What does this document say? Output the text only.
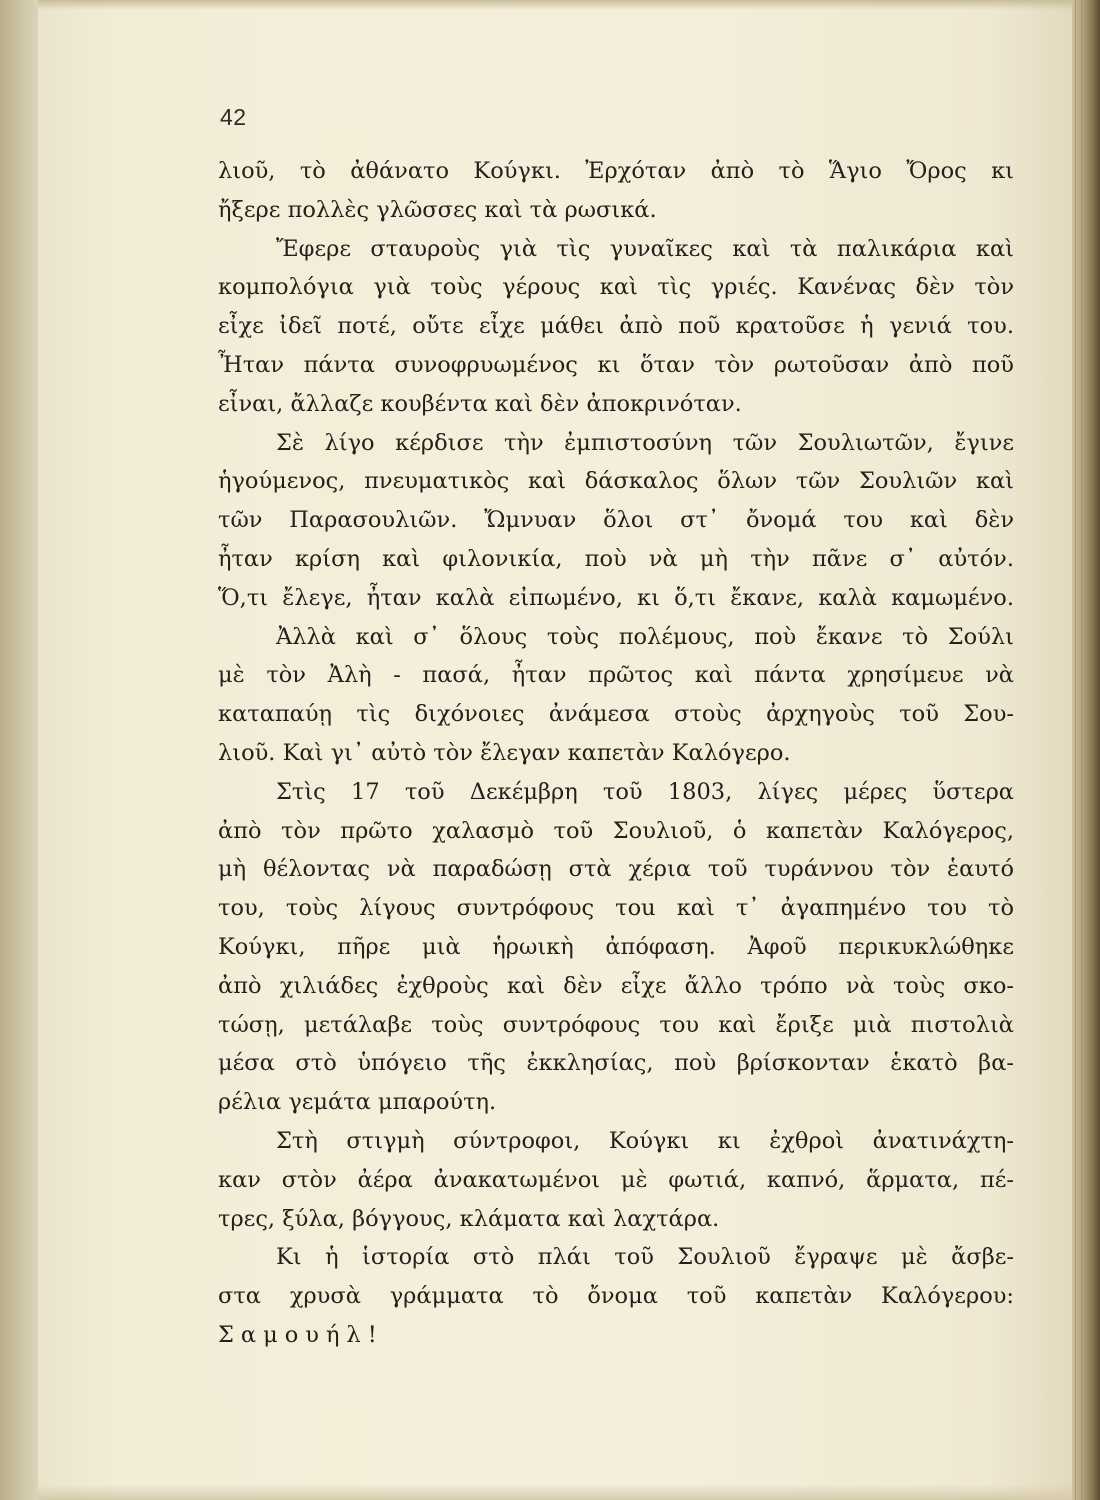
42
λιοῦ, τὸ ἀθάνατο Κούγκι. Ἐρχόταν ἀπὸ τὸ Ἅγιο Ὄρος κι
ἤξερε πολλὲς γλῶσσες καὶ τὰ ρωσικά.
Ἔφερε σταυροὺς γιὰ τὶς γυναῖκες καὶ τὰ παλικάρια καὶ
κομπολόγια γιὰ τοὺς γέρους καὶ τὶς γριές. Κανένας δὲν τὸν
εἶχε ἰδεῖ ποτέ, οὔτε εἶχε μάθει ἀπὸ ποῦ κρατοῦσε ἡ γενιά του.
Ἦταν πάντα συνοφρυωμένος κι ὅταν τὸν ρωτοῦσαν ἀπὸ ποῦ
εἶναι, ἄλλαζε κουβέντα καὶ δὲν ἀποκρινόταν.
Σὲ λίγο κέρδισε τὴν ἐμπιστοσύνη τῶν Σουλιωτῶν, ἔγινε
ἡγούμενος, πνευματικὸς καὶ δάσκαλος ὅλων τῶν Σουλιῶν καὶ
τῶν Παρασουλιῶν. Ὤμνυαν ὅλοι στ᾿ ὄνομά του καὶ δὲν
ἦταν κρίση καὶ φιλονικία, ποὺ νὰ μὴ τὴν πᾶνε σ᾿ αὐτόν.
Ὅ,τι ἔλεγε, ἦταν καλὰ εἰπωμένο, κι ὅ,τι ἔκανε, καλὰ καμωμένο.
Ἀλλὰ καὶ σ᾿ ὅλους τοὺς πολέμους, ποὺ ἔκανε τὸ Σούλι
μὲ τὸν Ἀλὴ - πασά, ἦταν πρῶτος καὶ πάντα χρησίμευε νὰ
καταπαύῃ τὶς διχόνοιες ἀνάμεσα στοὺς ἀρχηγοὺς τοῦ Σου-
λιοῦ. Καὶ γι᾿ αὐτὸ τὸν ἔλεγαν καπετὰν Καλόγερο.
Στὶς 17 τοῦ Δεκέμβρη τοῦ 1803, λίγες μέρες ὕστερα
ἀπὸ τὸν πρῶτο χαλασμὸ τοῦ Σουλιοῦ, ὁ καπετὰν Καλόγερος,
μὴ θέλοντας νὰ παραδώσῃ στὰ χέρια τοῦ τυράννου τὸν ἑαυτό
του, τοὺς λίγους συντρόφους τοu καὶ τ᾿ ἀγαπημένο του τὸ
Κούγκι, πῆρε μιὰ ἡρωικὴ ἀπόφαση. Ἀφοῦ περικυκλώθηκε
ἀπὸ χιλιάδες ἐχθροὺς καὶ δὲν εἶχε ἄλλο τρόπο νὰ τοὺς σκο-
τώσῃ, μετάλαβε τοὺς συντρόφους του καὶ ἔριξε μιὰ πιστολιὰ
μέσα στὸ ὑπόγειο τῆς ἐκκλησίας, ποὺ βρίσκονταν ἑκατὸ βα-
ρέλια γεμάτα μπαρούτη.
Στὴ στιγμὴ σύντροφοι, Κούγκι κι ἐχθροὶ ἀνατινάχτη-
καν στὸν ἀέρα ἀνακατωμένοι μὲ φωτιά, καπνό, ἅρματα, πέ-
τρες, ξύλα, βόγγους, κλάματα καὶ λαχτάρα.
Κι ἡ ἱστορία στὸ πλάι τοῦ Σουλιοῦ ἔγραψε μὲ ἄσβε-
στα χρυσὰ γράμματα τὸ ὄνομα τοῦ καπετὰν Καλόγερου:
Σαμουήλ!
